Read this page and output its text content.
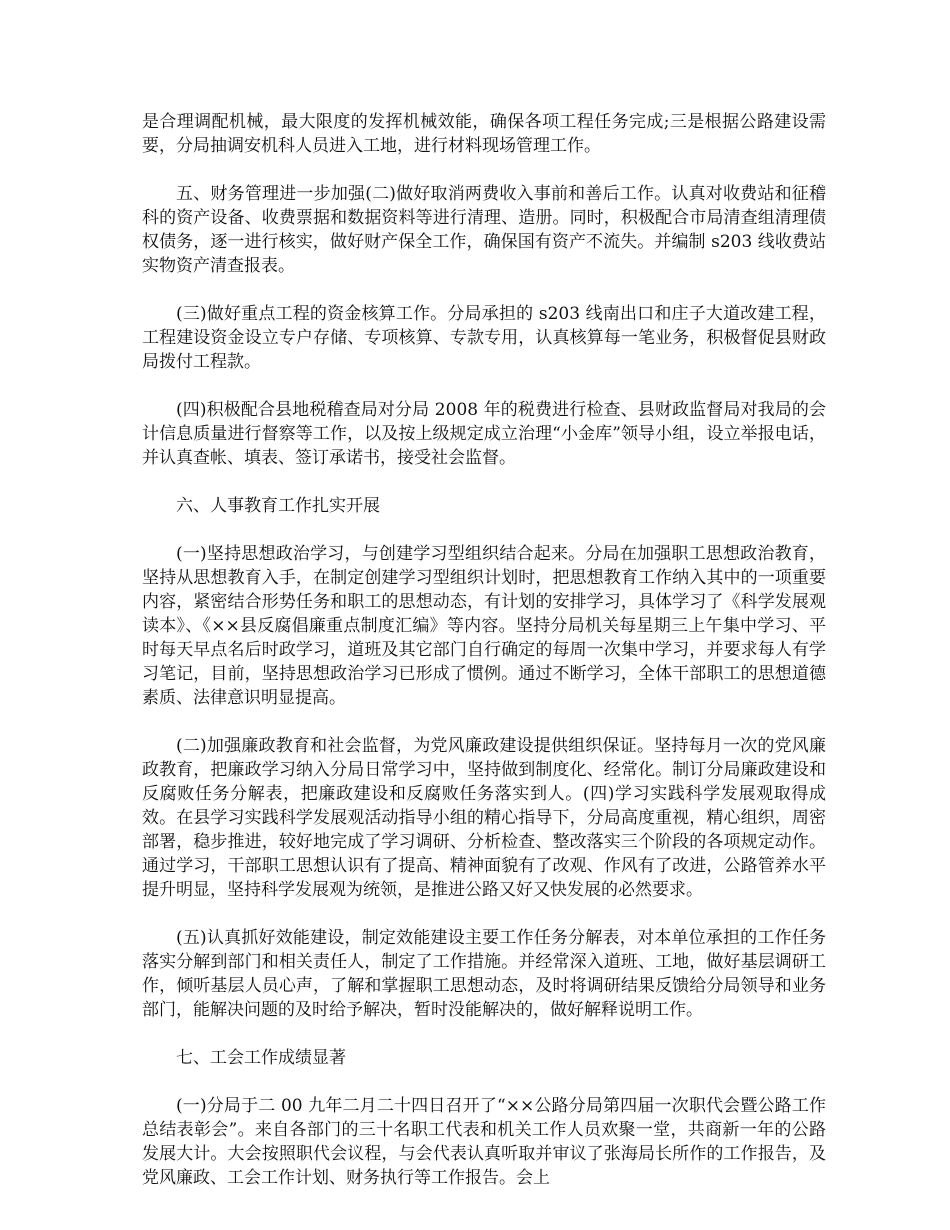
是合理调配机械，最大限度的发挥机械效能，确保各项工程任务完成;三是根据公路建设需要，分局抽调安机科人员进入工地，进行材料现场管理工作。

五、财务管理进一步加强(二)做好取消两费收入事前和善后工作。认真对收费站和征稽科的资产设备、收费票据和数据资料等进行清理、造册。同时，积极配合市局清查组清理债权债务，逐一进行核实，做好财产保全工作，确保国有资产不流失。并编制 s203 线收费站实物资产清查报表。

(三)做好重点工程的资金核算工作。分局承担的 s203 线南出口和庄子大道改建工程，工程建设资金设立专户存储、专项核算、专款专用，认真核算每一笔业务，积极督促县财政局拨付工程款。

(四)积极配合县地税稽查局对分局 2008 年的税费进行检查、县财政监督局对我局的会计信息质量进行督察等工作，以及按上级规定成立治理“小金库”领导小组，设立举报电话，并认真查帐、填表、签订承诺书，接受社会监督。

六、人事教育工作扎实开展

(一)坚持思想政治学习，与创建学习型组织结合起来。分局在加强职工思想政治教育，坚持从思想教育入手，在制定创建学习型组织计划时，把思想教育工作纳入其中的一项重要内容，紧密结合形势任务和职工的思想动态，有计划的安排学习，具体学习了《科学发展观读本》、《××县反腐倡廉重点制度汇编》等内容。坚持分局机关每星期三上午集中学习、平时每天早点名后时政学习，道班及其它部门自行确定的每周一次集中学习，并要求每人有学习笔记，目前，坚持思想政治学习已形成了惯例。通过不断学习，全体干部职工的思想道德素质、法律意识明显提高。

(二)加强廉政教育和社会监督，为党风廉政建设提供组织保证。坚持每月一次的党风廉政教育，把廉政学习纳入分局日常学习中，坚持做到制度化、经常化。制订分局廉政建设和反腐败任务分解表，把廉政建设和反腐败任务落实到人。(四)学习实践科学发展观取得成效。在县学习实践科学发展观活动指导小组的精心指导下，分局高度重视，精心组织，周密部署，稳步推进，较好地完成了学习调研、分析检查、整改落实三个阶段的各项规定动作。通过学习，干部职工思想认识有了提高、精神面貌有了改观、作风有了改进，公路管养水平提升明显，坚持科学发展观为统领，是推进公路又好又快发展的必然要求。

(五)认真抓好效能建设，制定效能建设主要工作任务分解表，对本单位承担的工作任务落实分解到部门和相关责任人，制定了工作措施。并经常深入道班、工地，做好基层调研工作，倾听基层人员心声，了解和掌握职工思想动态，及时将调研结果反馈给分局领导和业务部门，能解决问题的及时给予解决，暂时没能解决的，做好解释说明工作。

七、工会工作成绩显著

(一)分局于二 00 九年二月二十四日召开了“××公路分局第四届一次职代会暨公路工作总结表彰会”。来自各部门的三十名职工代表和机关工作人员欢聚一堂，共商新一年的公路发展大计。大会按照职代会议程，与会代表认真听取并审议了张海局长所作的工作报告，及党风廉政、工会工作计划、财务执行等工作报告。会上
